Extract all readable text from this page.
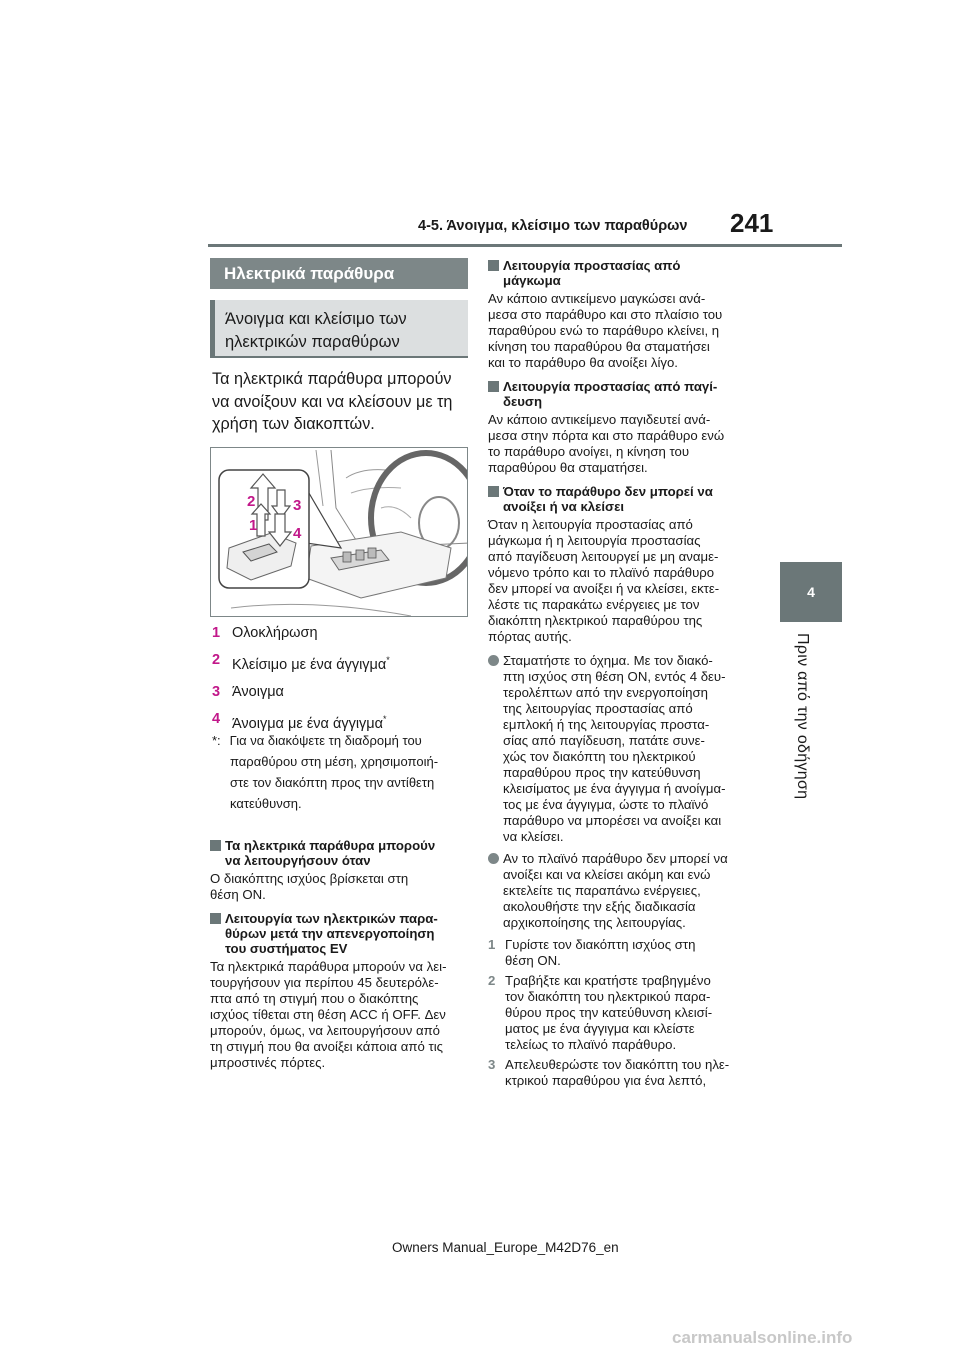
4-5. Άνοιγμα, κλείσιμο των παραθύρων 241
4
Πριν από την οδήγηση
Ηλεκτρικά παράθυρα
Άνοιγμα και κλείσιμο των
ηλεκτρικών παραθύρων
Τα ηλεκτρικά παράθυρα μπορούν
να ανοίξουν και να κλείσουν με τη
χρήση των διακοπτών.
2	3
1 4
1 Ολοκλήρωση
2 Κλείσιμο με ένα άγγιγμα*
3 Άνοιγμα
4 Άνοιγμα με ένα άγγιγμα*
*: Για να διακόψετε τη διαδρομή του
παραθύρου στη μέση, χρησιμοποιή-
στε τον διακόπτη προς την αντίθετη
κατεύθυνση.
Τα ηλεκτρικά παράθυρα μπορούν
να λειτουργήσουν όταν
Ο διακόπτης ισχύος βρίσκεται στη
θέση ON.
Λειτουργία των ηλεκτρικών παρα-
θύρων μετά την απενεργοποίηση
του συστήματος EV
Τα ηλεκτρικά παράθυρα μπορούν να λει-
τουργήσουν για περίπου 45 δευτερόλε-
πτα από τη στιγμή που ο διακόπτης
ισχύος τίθεται στη θέση ACC ή OFF. Δεν
μπορούν, όμως, να λειτουργήσουν από
τη στιγμή που θα ανοίξει κάποια από τις
μπροστινές πόρτες.
Λειτουργία προστασίας από
μάγκωμα
Αν κάποιο αντικείμενο μαγκώσει ανά-
μεσα στο παράθυρο και στο πλαίσιο του
παραθύρου ενώ το παράθυρο κλείνει, η
κίνηση του παραθύρου θα σταματήσει
και το παράθυρο θα ανοίξει λίγο.
Λειτουργία προστασίας από παγί-
δευση
Αν κάποιο αντικείμενο παγιδευτεί ανά-
μεσα στην πόρτα και στο παράθυρο ενώ
το παράθυρο ανοίγει, η κίνηση του
παραθύρου θα σταματήσει.
Όταν το παράθυρο δεν μπορεί να
ανοίξει ή να κλείσει
Όταν η λειτουργία προστασίας από
μάγκωμα ή η λειτουργία προστασίας
από παγίδευση λειτουργεί με μη αναμε-
νόμενο τρόπο και το πλαϊνό παράθυρο
δεν μπορεί να ανοίξει ή να κλείσει, εκτε-
λέστε τις παρακάτω ενέργειες με τον
διακόπτη ηλεκτρικού παραθύρου της
πόρτας αυτής.
Σταματήστε το όχημα. Με τον διακό-
πτη ισχύος στη θέση ON, εντός 4 δευ-
τερολέπτων από την ενεργοποίηση
της λειτουργίας προστασίας από
εμπλοκή ή της λειτουργίας προστα-
σίας από παγίδευση, πατάτε συνε-
χώς τον διακόπτη του ηλεκτρικού
παραθύρου προς την κατεύθυνση
κλεισίματος με ένα άγγιγμα ή ανοίγμα-
τος με ένα άγγιγμα, ώστε το πλαϊνό
παράθυρο να μπορέσει να ανοίξει και
να κλείσει.
Αν το πλαϊνό παράθυρο δεν μπορεί να
ανοίξει και να κλείσει ακόμη και ενώ
εκτελείτε τις παραπάνω ενέργειες,
ακολουθήστε την εξής διαδικασία
αρχικοποίησης της λειτουργίας.
1 Γυρίστε τον διακόπτη ισχύος στη
θέση ON.
2 Τραβήξτε και κρατήστε τραβηγμένο
τον διακόπτη του ηλεκτρικού παρα-
θύρου προς την κατεύθυνση κλεισί-
ματος με ένα άγγιγμα και κλείστε
τελείως το πλαϊνό παράθυρο.
3 Απελευθερώστε τον διακόπτη του ηλε-
κτρικού παραθύρου για ένα λεπτό,
Owners Manual_Europe_M42D76_en
carmanualsonline.info
